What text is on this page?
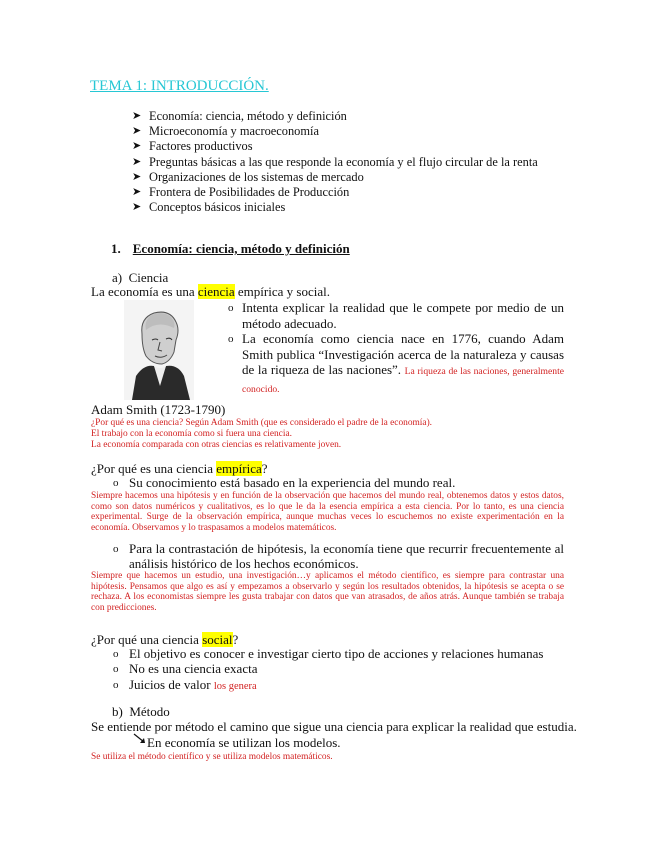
TEMA 1: INTRODUCCIÓN.
➤ Economía: ciencia, método y definición
➤ Microeconomía y macroeconomía
➤ Factores productivos
➤ Preguntas básicas a las que responde la economía y el flujo circular de la renta
➤ Organizaciones de los sistemas de mercado
➤ Frontera de Posibilidades de Producción
➤ Conceptos básicos iniciales
1. Economía: ciencia, método y definición
a) Ciencia
La economía es una ciencia empírica y social.
o Intenta explicar la realidad que le compete por medio de un método adecuado.
o La economía como ciencia nace en 1776, cuando Adam Smith publica “Investigación acerca de la naturaleza y causas de la riqueza de las naciones”. La riqueza de las naciones, generalmente conocido.
Adam Smith (1723-1790)
¿Por qué es una ciencia? Según Adam Smith (que es considerado el padre de la economía).
El trabajo con la economía como si fuera una ciencia.
La economía comparada con otras ciencias es relativamente joven.
¿Por qué es una ciencia empírica?
o Su conocimiento está basado en la experiencia del mundo real.
Siempre hacemos una hipótesis y en función de la observación que hacemos del mundo real, obtenemos datos y estos datos, como son datos numéricos y cualitativos, es lo que le da la esencia empírica a esta ciencia. Por lo tanto, es una ciencia experimental. Surge de la observación empírica, aunque muchas veces lo escuchemos no existe experimentación en la economía. Observamos y lo traspasamos a modelos matemáticos.
o Para la contrastación de hipótesis, la economía tiene que recurrir frecuentemente al análisis histórico de los hechos económicos.
Siempre que hacemos un estudio, una investigación…y aplicamos el método científico, es siempre para contrastar una hipótesis. Pensamos que algo es así y empezamos a observarlo y según los resultados obtenidos, la hipótesis se acepta o se rechaza. A los economistas siempre les gusta trabajar con datos que van atrasados, de años atrás. Aunque también se trabaja con predicciones.
¿Por qué una ciencia social?
o El objetivo es conocer e investigar cierto tipo de acciones y relaciones humanas
o No es una ciencia exacta
o Juicios de valor los genera
b) Método
Se entiende por método el camino que sigue una ciencia para explicar la realidad que estudia.
En economía se utilizan los modelos.
Se utiliza el método científico y se utiliza modelos matemáticos.
